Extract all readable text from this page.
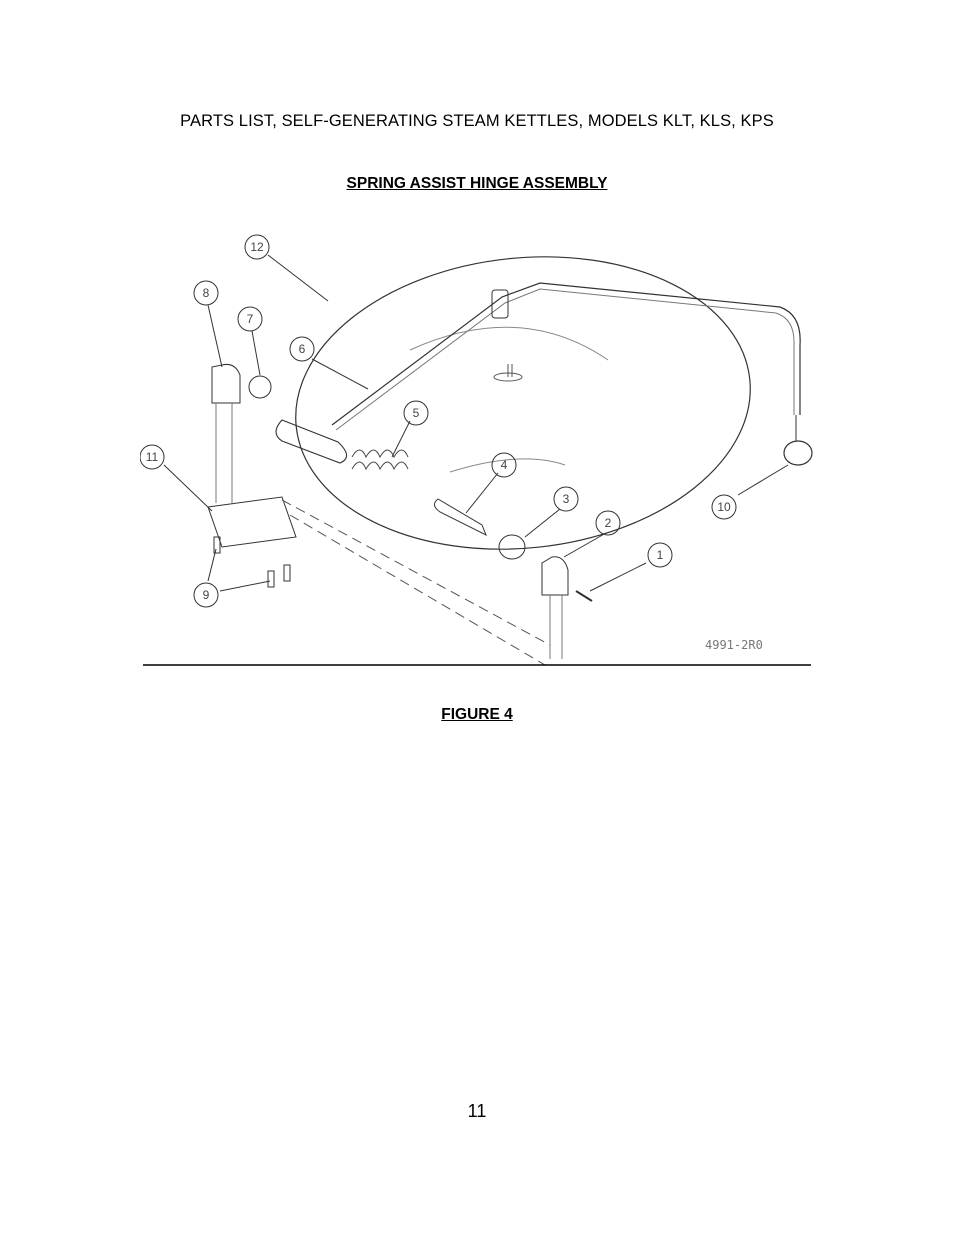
PARTS LIST, SELF-GENERATING STEAM KETTLES, MODELS KLT, KLS, KPS
SPRING ASSIST HINGE ASSEMBLY
12
8
7
6
5
4
3
2
1
10
11
9
4991-2R0
FIGURE 4
11
